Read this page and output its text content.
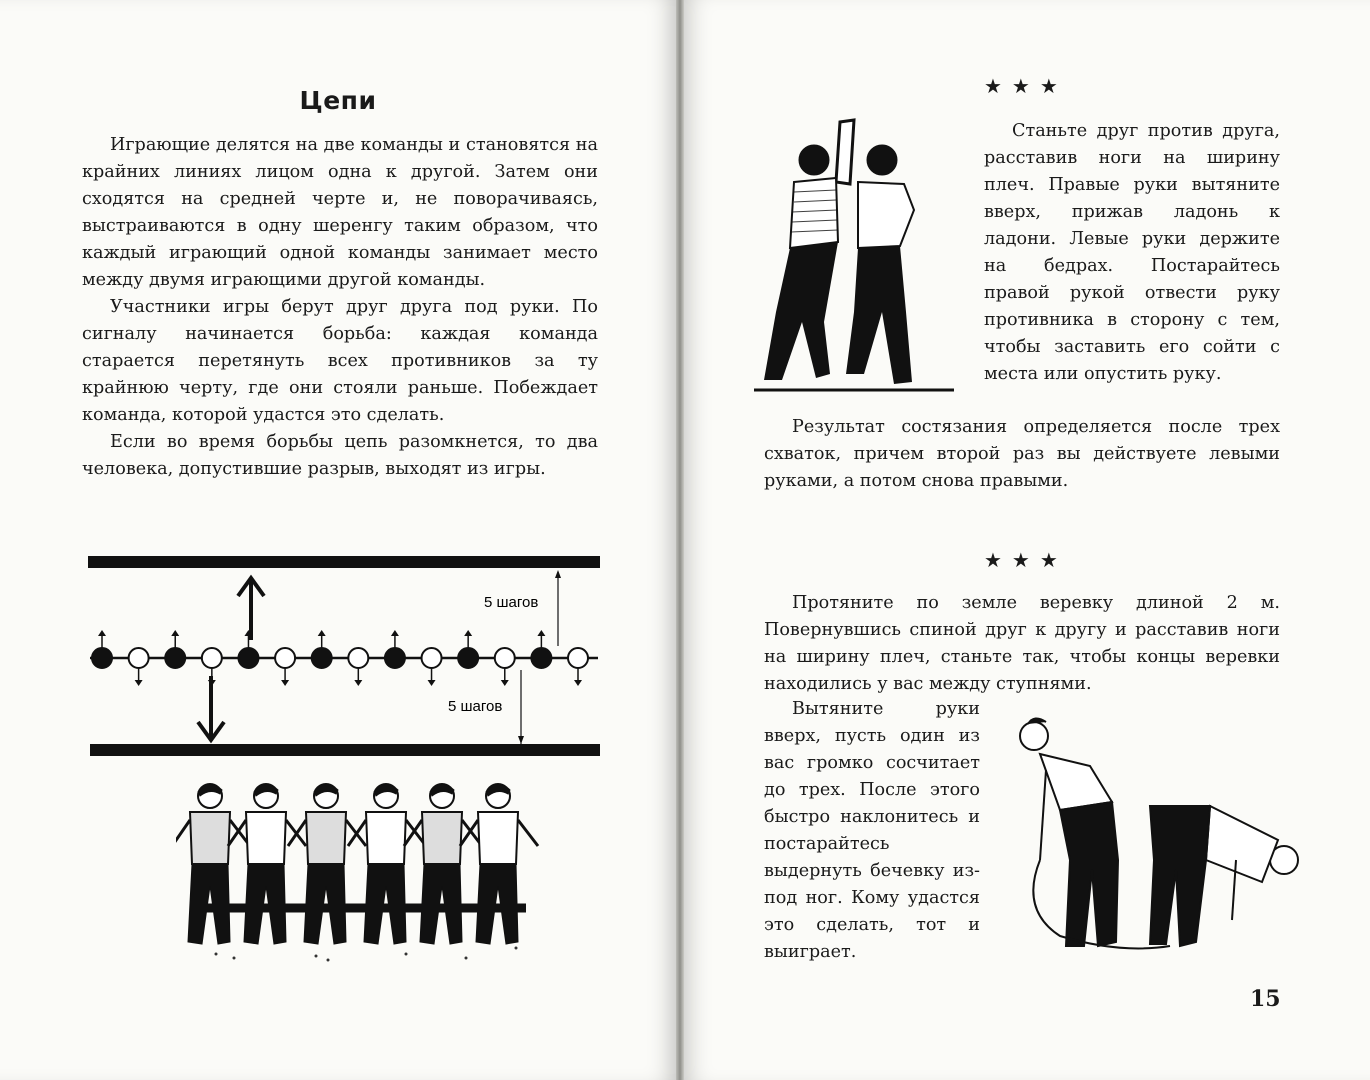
Цепи

Играющие делятся на две команды и становятся на крайних линиях лицом одна к другой. Затем они сходятся на средней черте и, не поворачиваясь, выстраиваются в одну шеренгу таким образом, что каждый играющий одной команды занимает место между двумя играющими другой команды.

Участники игры берут друг друга под руки. По сигналу начинается борьба: каждая команда старается перетянуть всех противников за ту крайнюю черту, где они стояли раньше. Побеждает команда, которой удастся это сделать.

Если во время борьбы цепь разомкнется, то два человека, допустившие разрыв, выходят из игры.

5 шагов
5 шагов
★★★

Станьте друг против друга, расставив ноги на ширину плеч. Правые руки вытяните вверх, прижав ладонь к ладони. Левые руки держите на бедрах. Постарайтесь правой рукой отвести руку противника в сторону с тем, чтобы заставить его сойти с места или опустить руку.

Результат состязания определяется после трех схваток, причем второй раз вы действуете левыми руками, а потом снова правыми.

★★★

Протяните по земле веревку длиной 2 м. Повернувшись спиной друг к другу и расставив ноги на ширину плеч, станьте так, чтобы концы веревки находились у вас между ступнями.

Вытяните руки вверх, пусть один из вас громко сосчитает до трех. После этого быстро наклонитесь и постарайтесь выдернуть бечевку из-под ног. Кому удастся это сделать, тот и выиграет.

15
